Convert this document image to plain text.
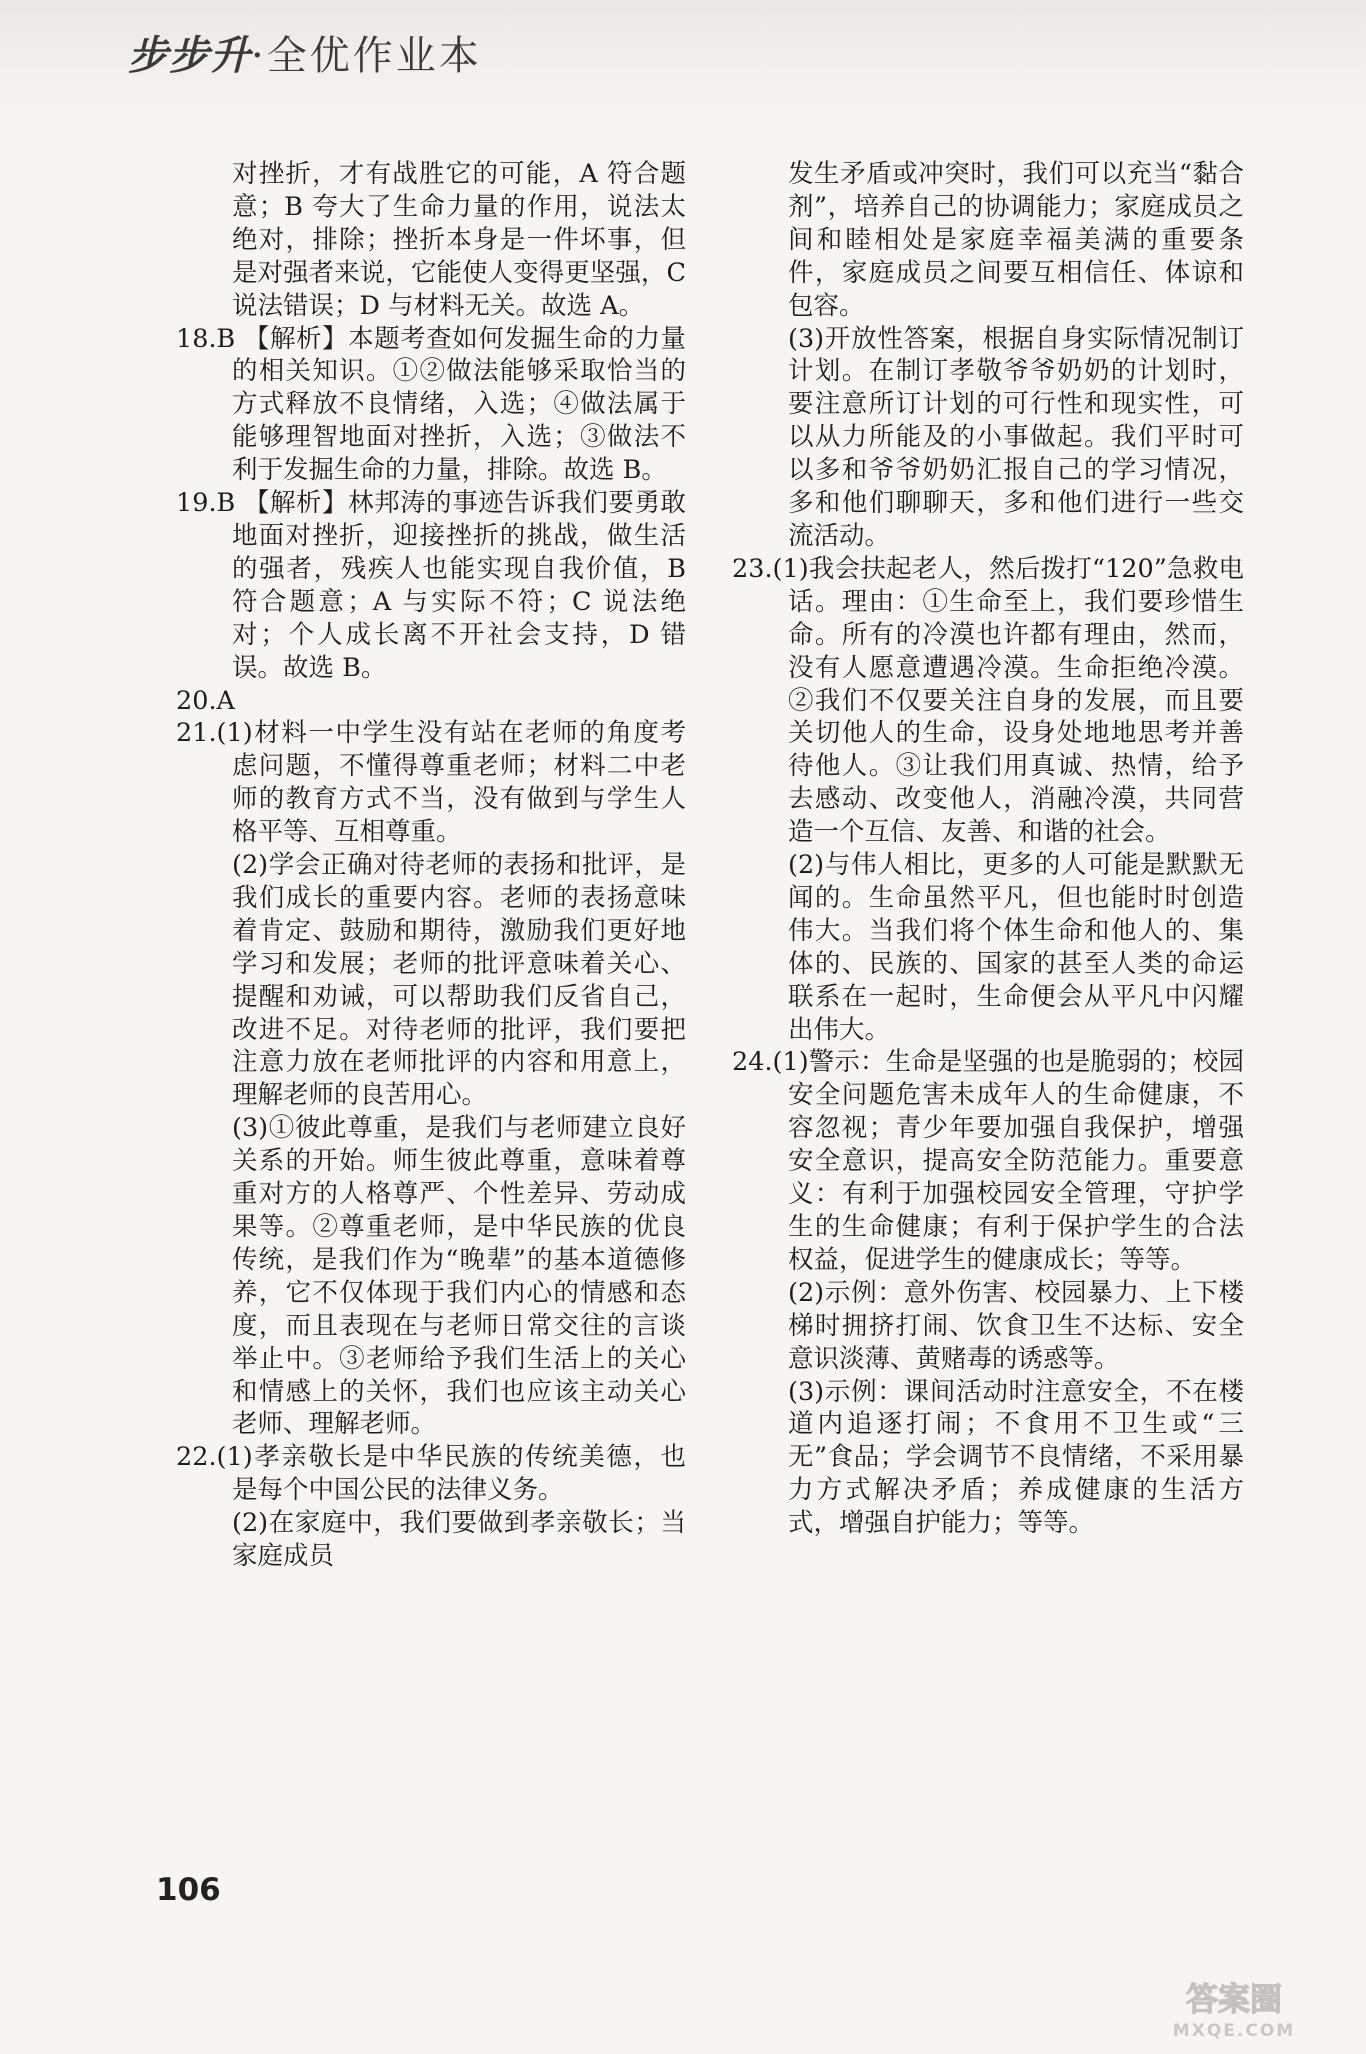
步步升·全优作业本

对挫折，才有战胜它的可能，A 符合题意；B 夸大了生命力量的作用，说法太绝对，排除；挫折本身是一件坏事，但是对强者来说，它能使人变得更坚强，C 说法错误；D 与材料无关。故选 A。

18.B 【解析】本题考查如何发掘生命的力量的相关知识。①②做法能够采取恰当的方式释放不良情绪，入选；④做法属于能够理智地面对挫折，入选；③做法不利于发掘生命的力量，排除。故选 B。

19.B 【解析】林邦涛的事迹告诉我们要勇敢地面对挫折，迎接挫折的挑战，做生活的强者，残疾人也能实现自我价值，B 符合题意；A 与实际不符；C 说法绝对；个人成长离不开社会支持，D 错误。故选 B。

20.A

21.(1)材料一中学生没有站在老师的角度考虑问题，不懂得尊重老师；材料二中老师的教育方式不当，没有做到与学生人格平等、互相尊重。

(2)学会正确对待老师的表扬和批评，是我们成长的重要内容。老师的表扬意味着肯定、鼓励和期待，激励我们更好地学习和发展；老师的批评意味着关心、提醒和劝诫，可以帮助我们反省自己，改进不足。对待老师的批评，我们要把注意力放在老师批评的内容和用意上，理解老师的良苦用心。

(3)①彼此尊重，是我们与老师建立良好关系的开始。师生彼此尊重，意味着尊重对方的人格尊严、个性差异、劳动成果等。②尊重老师，是中华民族的优良传统，是我们作为“晚辈”的基本道德修养，它不仅体现于我们内心的情感和态度，而且表现在与老师日常交往的言谈举止中。③老师给予我们生活上的关心和情感上的关怀，我们也应该主动关心老师、理解老师。

22.(1)孝亲敬长是中华民族的传统美德，也是每个中国公民的法律义务。

(2)在家庭中，我们要做到孝亲敬长；当家庭成员

发生矛盾或冲突时，我们可以充当“黏合剂”，培养自己的协调能力；家庭成员之间和睦相处是家庭幸福美满的重要条件，家庭成员之间要互相信任、体谅和包容。

(3)开放性答案，根据自身实际情况制订计划。在制订孝敬爷爷奶奶的计划时，要注意所订计划的可行性和现实性，可以从力所能及的小事做起。我们平时可以多和爷爷奶奶汇报自己的学习情况，多和他们聊聊天，多和他们进行一些交流活动。

23.(1)我会扶起老人，然后拨打“120”急救电话。理由：①生命至上，我们要珍惜生命。所有的冷漠也许都有理由，然而，没有人愿意遭遇冷漠。生命拒绝冷漠。②我们不仅要关注自身的发展，而且要关切他人的生命，设身处地地思考并善待他人。③让我们用真诚、热情，给予去感动、改变他人，消融冷漠，共同营造一个互信、友善、和谐的社会。

(2)与伟人相比，更多的人可能是默默无闻的。生命虽然平凡，但也能时时创造伟大。当我们将个体生命和他人的、集体的、民族的、国家的甚至人类的命运联系在一起时，生命便会从平凡中闪耀出伟大。

24.(1)警示：生命是坚强的也是脆弱的；校园安全问题危害未成年人的生命健康，不容忽视；青少年要加强自我保护，增强安全意识，提高安全防范能力。重要意义：有利于加强校园安全管理，守护学生的生命健康；有利于保护学生的合法权益，促进学生的健康成长；等等。

(2)示例：意外伤害、校园暴力、上下楼梯时拥挤打闹、饮食卫生不达标、安全意识淡薄、黄赌毒的诱惑等。

(3)示例：课间活动时注意安全，不在楼道内追逐打闹；不食用不卫生或“三无”食品；学会调节不良情绪，不采用暴力方式解决矛盾；养成健康的生活方式，增强自护能力；等等。

106
答案圈
MXQE.COM
